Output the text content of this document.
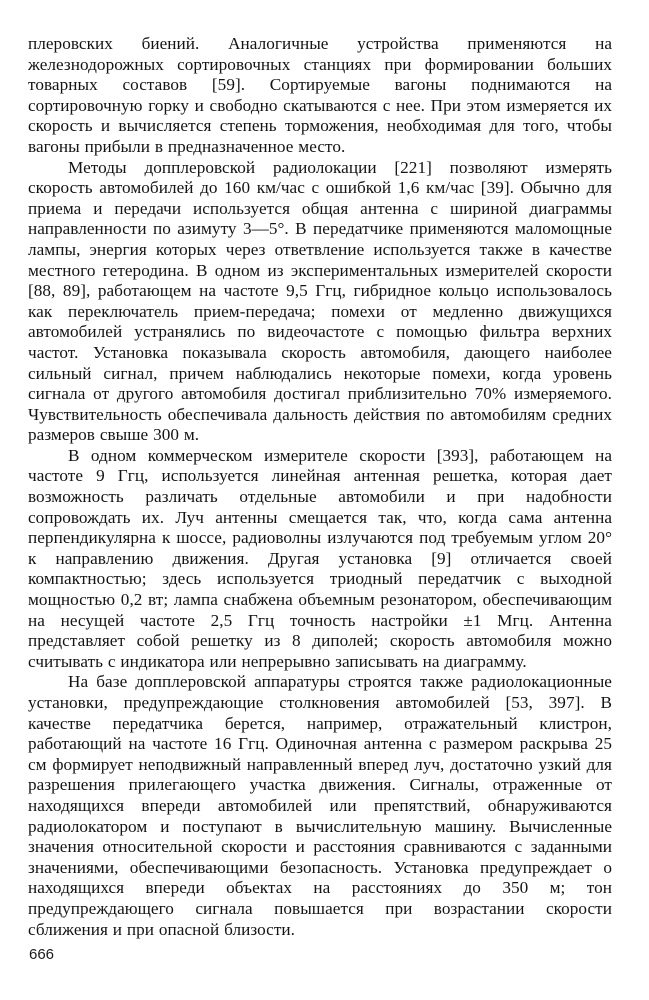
плеровских биений. Аналогичные устройства применяются на железнодорожных сортировочных станциях при формировании больших товарных составов [59]. Сортируемые вагоны поднимаются на сортировочную горку и свободно скатываются с нее. При этом измеряется их скорость и вычисляется степень торможения, необходимая для того, чтобы вагоны прибыли в предназначенное место.

Методы допплеровской радиолокации [221] позволяют измерять скорость автомобилей до 160 км/час с ошибкой 1,6 км/час [39]. Обычно для приема и передачи используется общая антенна с шириной диаграммы направленности по азимуту 3—5°. В передатчике применяются маломощные лампы, энергия которых через ответвление используется также в качестве местного гетеродина. В одном из экспериментальных измерителей скорости [88, 89], работающем на частоте 9,5 Ггц, гибридное кольцо использовалось как переключатель прием-передача; помехи от медленно движущихся автомобилей устранялись по видеочастоте с помощью фильтра верхних частот. Установка показывала скорость автомобиля, дающего наиболее сильный сигнал, причем наблюдались некоторые помехи, когда уровень сигнала от другого автомобиля достигал приблизительно 70% измеряемого. Чувствительность обеспечивала дальность действия по автомобилям средних размеров свыше 300 м.

В одном коммерческом измерителе скорости [393], работающем на частоте 9 Ггц, используется линейная антенная решетка, которая дает возможность различать отдельные автомобили и при надобности сопровождать их. Луч антенны смещается так, что, когда сама антенна перпендикулярна к шоссе, радиоволны излучаются под требуемым углом 20° к направлению движения. Другая установка [9] отличается своей компактностью; здесь используется триодный передатчик с выходной мощностью 0,2 вт; лампа снабжена объемным резонатором, обеспечивающим на несущей частоте 2,5 Ггц точность настройки ±1 Мгц. Антенна представляет собой решетку из 8 диполей; скорость автомобиля можно считывать с индикатора или непрерывно записывать на диаграмму.

На базе допплеровской аппаратуры строятся также радиолокационные установки, предупреждающие столкновения автомобилей [53, 397]. В качестве передатчика берется, например, отражательный клистрон, работающий на частоте 16 Ггц. Одиночная антенна с размером раскрыва 25 см формирует неподвижный направленный вперед луч, достаточно узкий для разрешения прилегающего участка движения. Сигналы, отраженные от находящихся впереди автомобилей или препятствий, обнаруживаются радиолокатором и поступают в вычислительную машину. Вычисленные значения относительной скорости и расстояния сравниваются с заданными значениями, обеспечивающими безопасность. Установка предупреждает о находящихся впереди объектах на расстояниях до 350 м; тон предупреждающего сигнала повышается при возрастании скорости сближения и при опасной близости.

666
